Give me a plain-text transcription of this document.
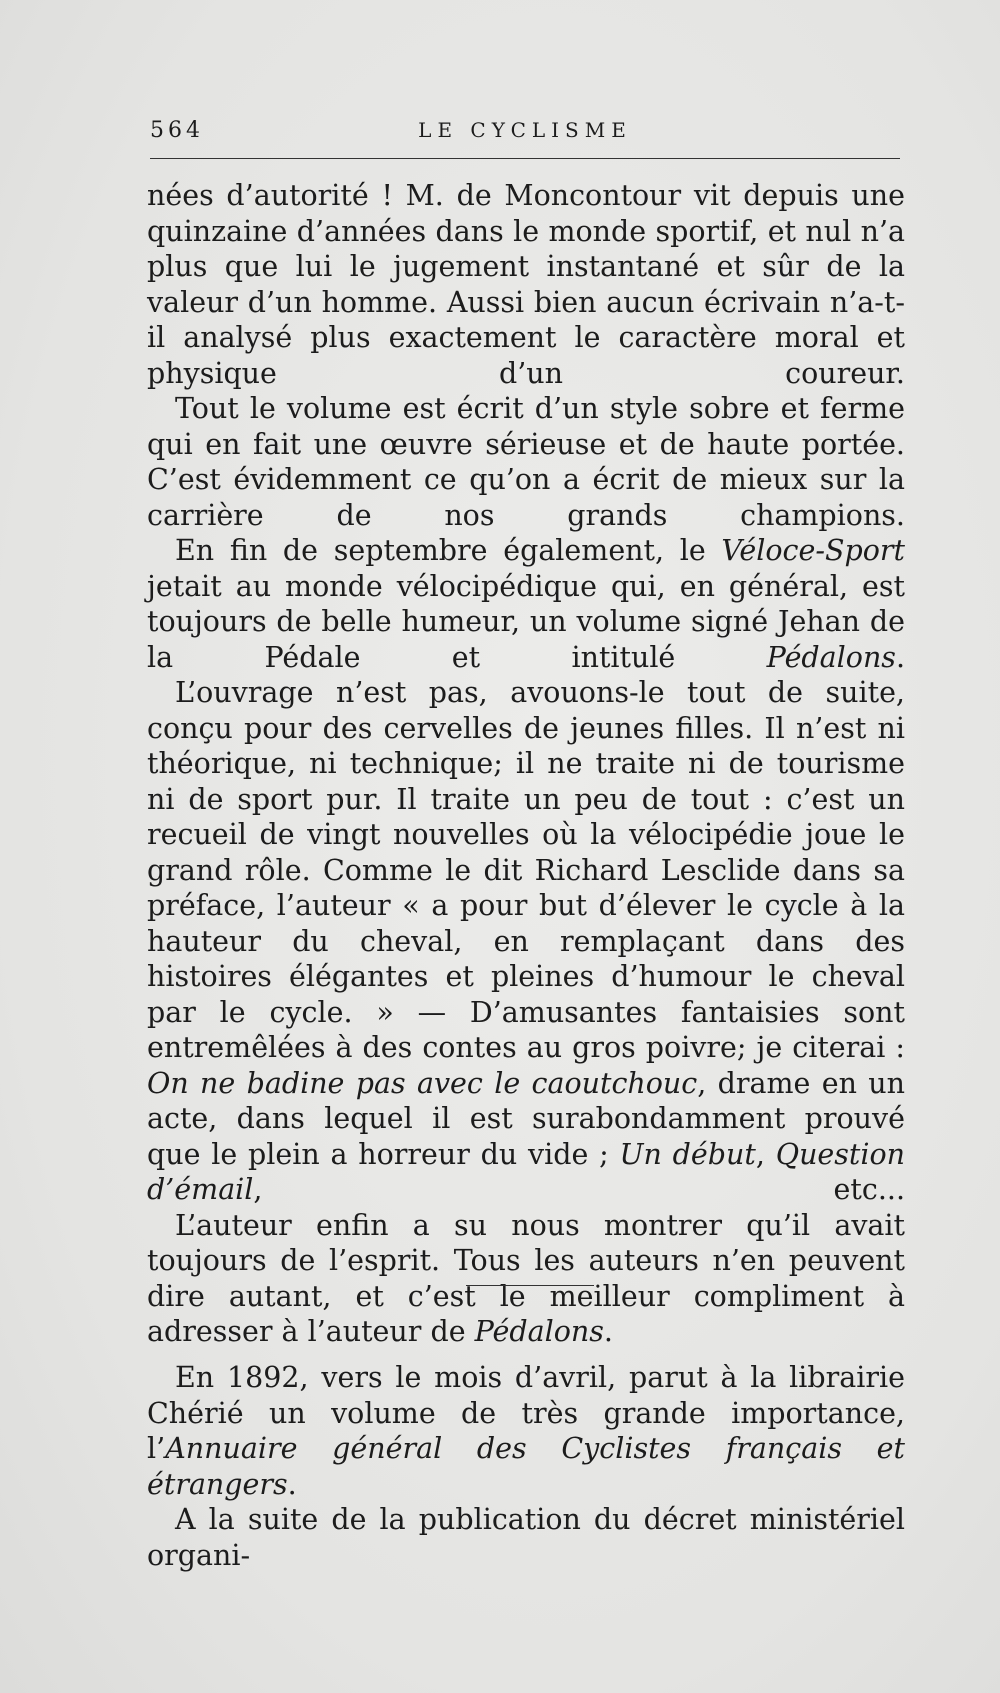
564	LE CYCLISME

nées d’autorité ! M. de Moncontour vit depuis une quinzaine d’années dans le monde sportif, et nul n’a plus que lui le jugement instantané et sûr de la valeur d’un homme. Aussi bien aucun écrivain n’a-t-il analysé plus exactement le caractère moral et physique d’un coureur.

Tout le volume est écrit d’un style sobre et ferme qui en fait une œuvre sérieuse et de haute portée. C’est évidemment ce qu’on a écrit de mieux sur la carrière de nos grands champions.

En fin de septembre également, le Véloce-Sport jetait au monde vélocipédique qui, en général, est toujours de belle humeur, un volume signé Jehan de la Pédale et intitulé Pédalons.

L’ouvrage n’est pas, avouons-le tout de suite, conçu pour des cervelles de jeunes filles. Il n’est ni théorique, ni technique; il ne traite ni de tourisme ni de sport pur. Il traite un peu de tout : c’est un recueil de vingt nouvelles où la vélocipédie joue le grand rôle. Comme le dit Richard Lesclide dans sa préface, l’auteur « a pour but d’élever le cycle à la hauteur du cheval, en remplaçant dans des histoires élégantes et pleines d’humour le cheval par le cycle. » — D’amusantes fantaisies sont entremêlées à des contes au gros poivre; je citerai : On ne badine pas avec le caoutchouc, drame en un acte, dans lequel il est surabondamment prouvé que le plein a horreur du vide ; Un début, Question d’émail, etc...

L’auteur enfin a su nous montrer qu’il avait toujours de l’esprit. Tous les auteurs n’en peuvent dire autant, et c’est le meilleur compliment à adresser à l’auteur de Pédalons.

En 1892, vers le mois d’avril, parut à la librairie Chérié un volume de très grande importance, l’Annuaire général des Cyclistes français et étrangers.

A la suite de la publication du décret ministériel organi-
